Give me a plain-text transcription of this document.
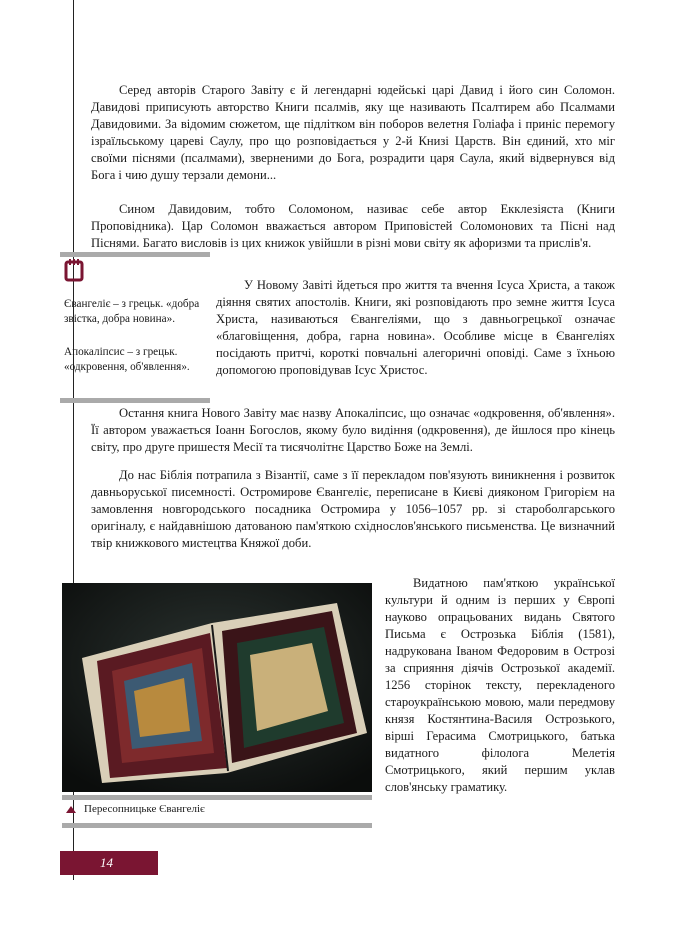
Серед авторів Старого Завіту є й легендарні юдейські царі Давид і його син Соломон. Давидові приписують авторство Книги псалмів, яку ще називають Псалтирем або Псалмами Давидовими. За відомим сюжетом, ще підлітком він поборов велетня Голіафа і приніс перемогу ізраїльському цареві Саулу, про що розповідається у 2-й Книзі Царств. Він єдиний, хто міг своїми піснями (псалмами), зверненими до Бога, розрадити царя Саула, який відвернувся від Бога і чию душу терзали демони...

Сином Давидовим, тобто Соломоном, називає себе автор Екклезіяста (Книги Проповідника). Цар Соломон вважається автором Приповістей Соломонових та Пісні над Піснями. Багато висловів із цих книжок увійшли в різні мови світу як афоризми та прислів'я.

Євангеліє – з грецьк. «добра звістка, добра новина».

Апокаліпсис – з грецьк. «одкровення, об'явлення».

У Новому Завіті йдеться про життя та вчення Ісуса Христа, а також діяння святих апостолів. Книги, які розповідають про земне життя Ісуса Христа, називаються Євангеліями, що з давньогрецької означає «благовіщення, добра, гарна новина». Особливе місце в Євангеліях посідають притчі, короткі повчальні алегоричні оповіді. Саме з їхньою допомогою проповідував Ісус Христос.

Остання книга Нового Завіту має назву Апокаліпсис, що означає «одкровення, об'явлення». Її автором уважається Іоанн Богослов, якому було видіння (одкровення), де йшлося про кінець світу, про друге пришестя Месії та тисячолітнє Царство Боже на Землі.

До нас Біблія потрапила з Візантії, саме з її перекладом пов'язують виникнення і розвиток давньоруської писемності. Остромирове Євангеліє, переписане в Києві дияконом Григорієм на замовлення новгородського посадника Остромира у 1056–1057 рр. зі староболгарського оригіналу, є найдавнішою датованою пам'яткою східнослов'янського письменства. Це визначний твір книжкового мистецтва Княжої доби.

Пересопницьке Євангеліє

Видатною пам'яткою української культури й одним із перших у Європі науково опрацьованих видань Святого Письма є Острозька Біблія (1581), надрукована Іваном Федоровим в Острозі за сприяння діячів Острозької академії. 1256 сторінок тексту, перекладеного староукраїнською мовою, мали передмову князя Костянтина-Василя Острозького, вірші Герасима Смотрицького, батька видатного філолога Мелетія Смотрицького, який першим уклав слов'янську граматику.

14
